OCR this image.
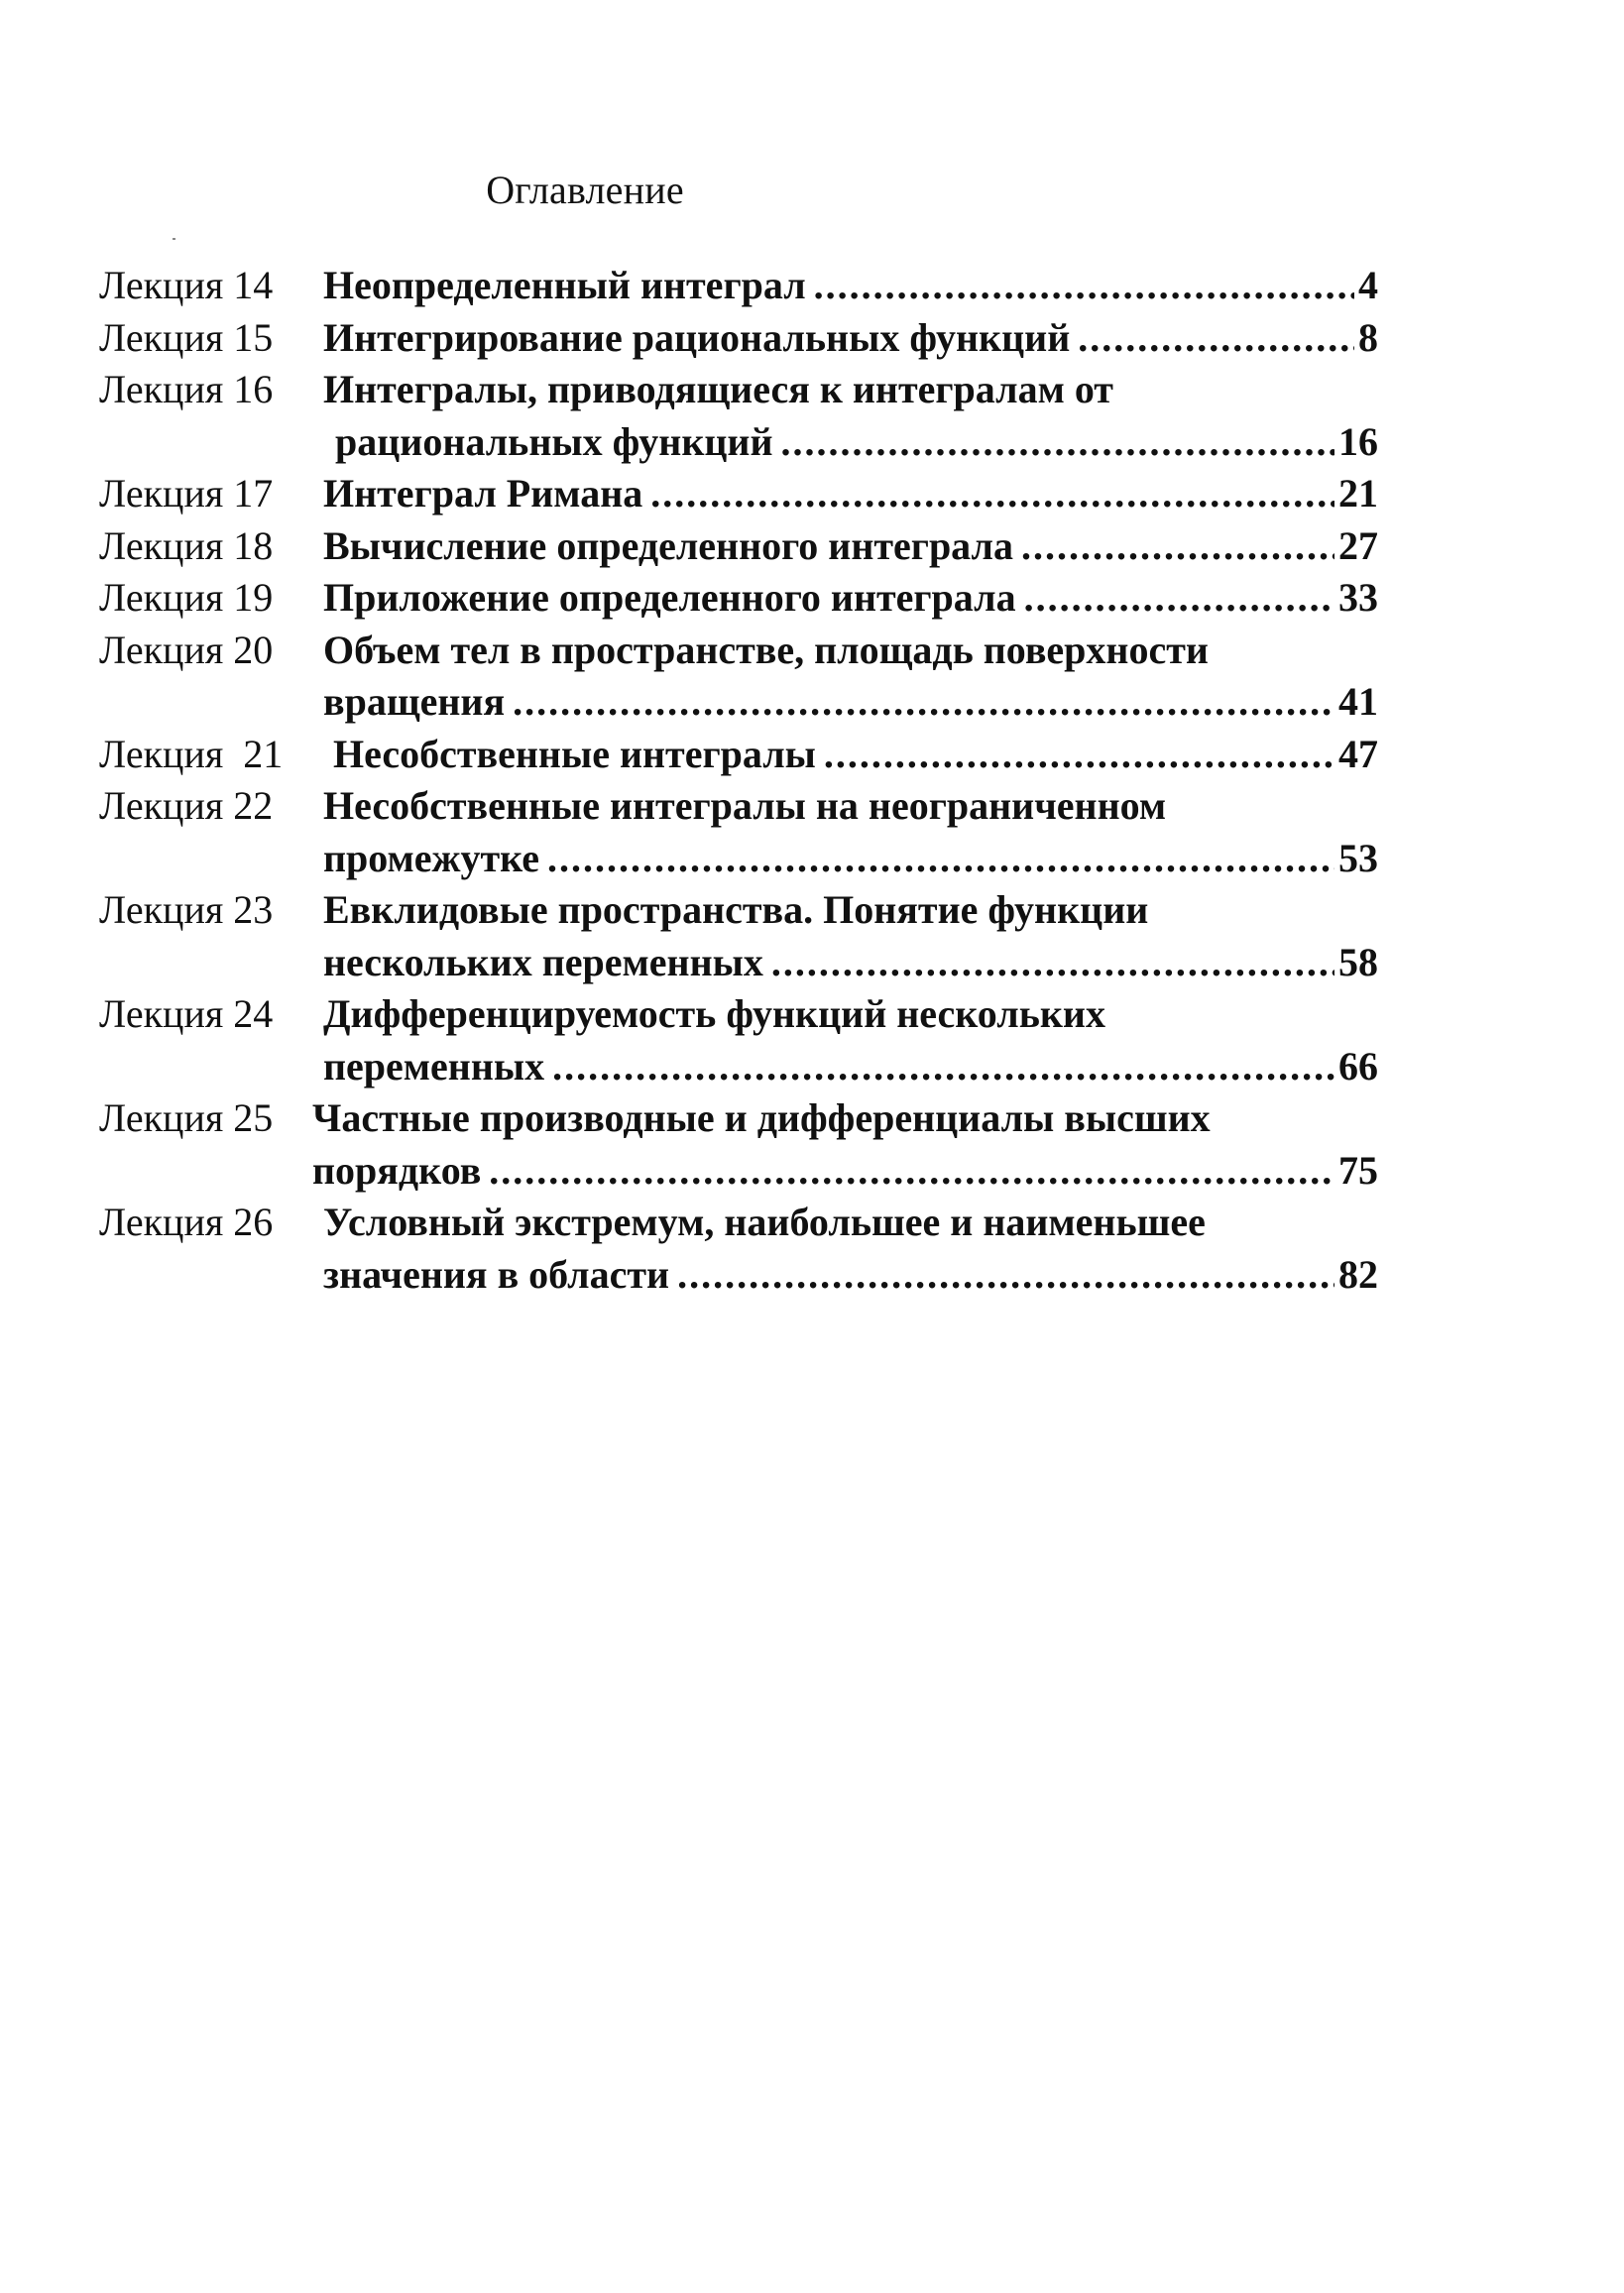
Оглавление
Лекция 14	Неопределенный интеграл .....	4
Лекция 15	Интегрирование рациональных функций .....	8
Лекция 16	Интегралы, приводящиеся к интегралам от
рациональных функций .....	16
Лекция 17	Интеграл Римана .....	21
Лекция 18	Вычисление определенного интеграла .....	27
Лекция 19	Приложение определенного интеграла .....	33
Лекция 20	Объем тел в пространстве, площадь поверхности
вращения .....	41
Лекция  21	Несобственные интегралы .....	47
Лекция 22	Несобственные интегралы на неограниченном
промежутке .....	53
Лекция 23	Евклидовые пространства. Понятие функции
нескольких переменных .....	58
Лекция 24	Дифференцируемость функций нескольких
переменных .....	66
Лекция 25 Частные производные и дифференциалы высших
порядков .....	75
Лекция 26	Условный экстремум, наибольшее и наименьшее
значения в области .....	82
